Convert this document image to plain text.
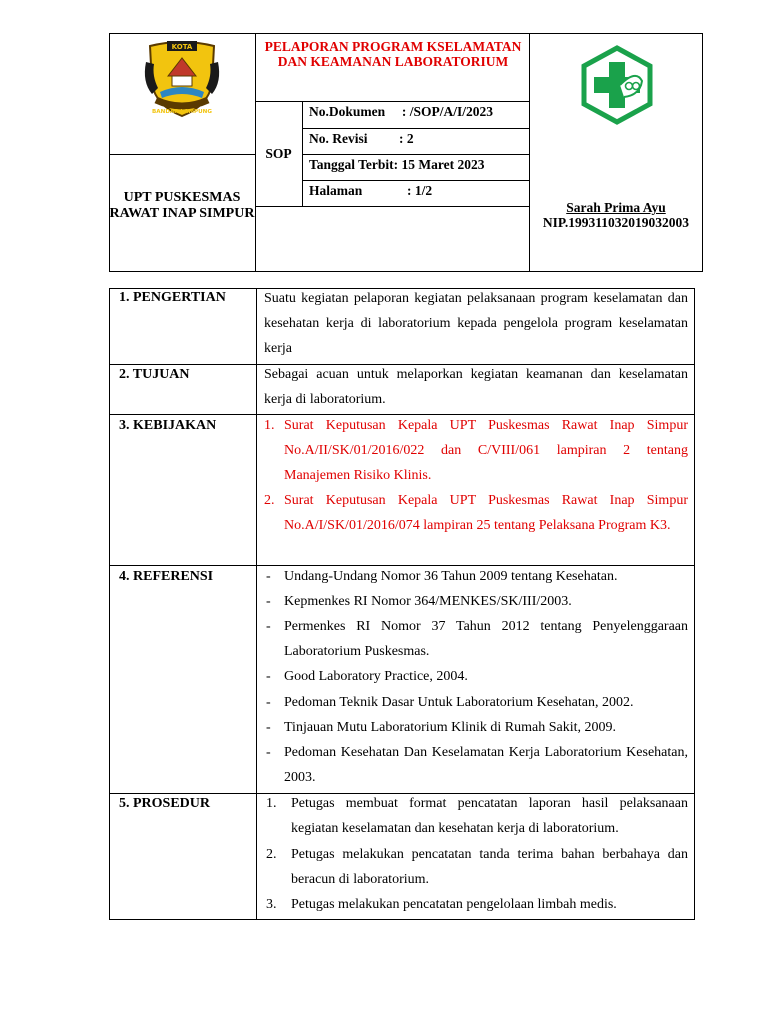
KOTA
BANDAR LAMPUNG
PELAPORAN PROGRAM KSELAMATAN DAN KEAMANAN LABORATORIUM
SOP
No.Dokumen : /SOP/A/I/2023
No. Revisi : 2
Tanggal Terbit: 15 Maret 2023
Halaman	: 1/2
UPT PUSKESMAS RAWAT INAP SIMPUR	Sarah Prima Ayu
NIP.199311032019032003
1. PENGERTIAN	Suatu kegiatan pelaporan kegiatan pelaksanaan program keselamatan dan kesehatan kerja di laboratorium kepada pengelola program keselamatan kerja
2. TUJUAN	Sebagai acuan untuk melaporkan kegiatan keamanan dan keselamatan kerja di laboratorium.
3. KEBIJAKAN	1. Surat Keputusan Kepala UPT Puskesmas Rawat Inap Simpur No.A/II/SK/01/2016/022 dan C/VIII/061 lampiran 2 tentang Manajemen Risiko Klinis.
2. Surat Keputusan Kepala UPT Puskesmas Rawat Inap Simpur No.A/I/SK/01/2016/074 lampiran 25 tentang Pelaksana Program K3.
4. REFERENSI	- Undang-Undang Nomor 36 Tahun 2009 tentang Kesehatan.
- Kepmenkes RI Nomor 364/MENKES/SK/III/2003.
- Permenkes RI Nomor 37 Tahun 2012 tentang Penyelenggaraan Laboratorium Puskesmas.
- Good Laboratory Practice, 2004.
- Pedoman Teknik Dasar Untuk Laboratorium Kesehatan, 2002.
- Tinjauan Mutu Laboratorium Klinik di Rumah Sakit, 2009.
- Pedoman Kesehatan Dan Keselamatan Kerja Laboratorium Kesehatan, 2003.
5. PROSEDUR	1.	Petugas membuat format pencatatan laporan hasil pelaksanaan kegiatan keselamatan dan kesehatan kerja di laboratorium.
2.	Petugas melakukan pencatatan tanda terima bahan berbahaya dan beracun di laboratorium.
3.	Petugas melakukan pencatatan pengelolaan limbah medis.
